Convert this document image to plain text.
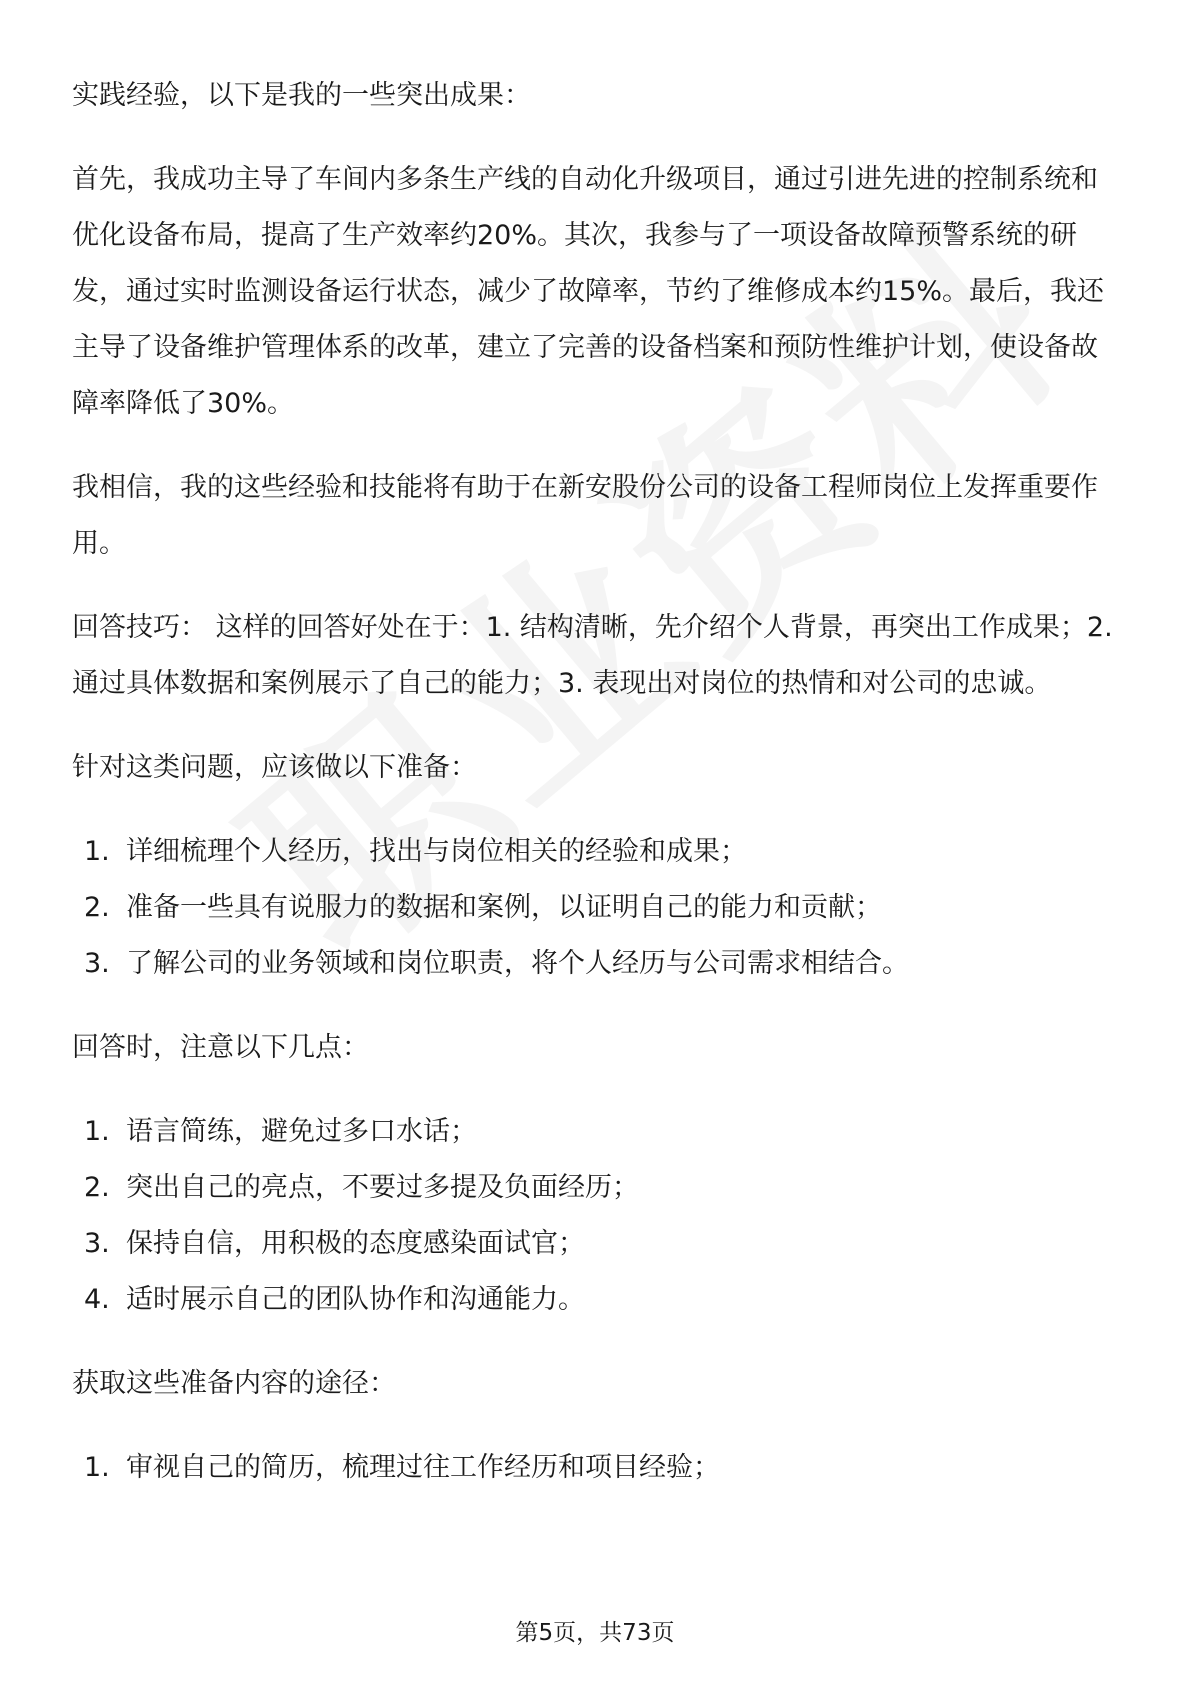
实践经验，以下是我的一些突出成果：

首先，我成功主导了车间内多条生产线的自动化升级项目，通过引进先进的控制系统和优化设备布局，提高了生产效率约20%。其次，我参与了一项设备故障预警系统的研发，通过实时监测设备运行状态，减少了故障率，节约了维修成本约15%。最后，我还主导了设备维护管理体系的改革，建立了完善的设备档案和预防性维护计划，使设备故障率降低了30%。

我相信，我的这些经验和技能将有助于在新安股份公司的设备工程师岗位上发挥重要作用。

回答技巧： 这样的回答好处在于：1. 结构清晰，先介绍个人背景，再突出工作成果；2. 通过具体数据和案例展示了自己的能力；3. 表现出对岗位的热情和对公司的忠诚。

针对这类问题，应该做以下准备：

1. 详细梳理个人经历，找出与岗位相关的经验和成果；
2. 准备一些具有说服力的数据和案例，以证明自己的能力和贡献；
3. 了解公司的业务领域和岗位职责，将个人经历与公司需求相结合。

回答时，注意以下几点：

1. 语言简练，避免过多口水话；
2. 突出自己的亮点，不要过多提及负面经历；
3. 保持自信，用积极的态度感染面试官；
4. 适时展示自己的团队协作和沟通能力。

获取这些准备内容的途径：

1. 审视自己的简历，梳理过往工作经历和项目经验；
第5页，共73页
